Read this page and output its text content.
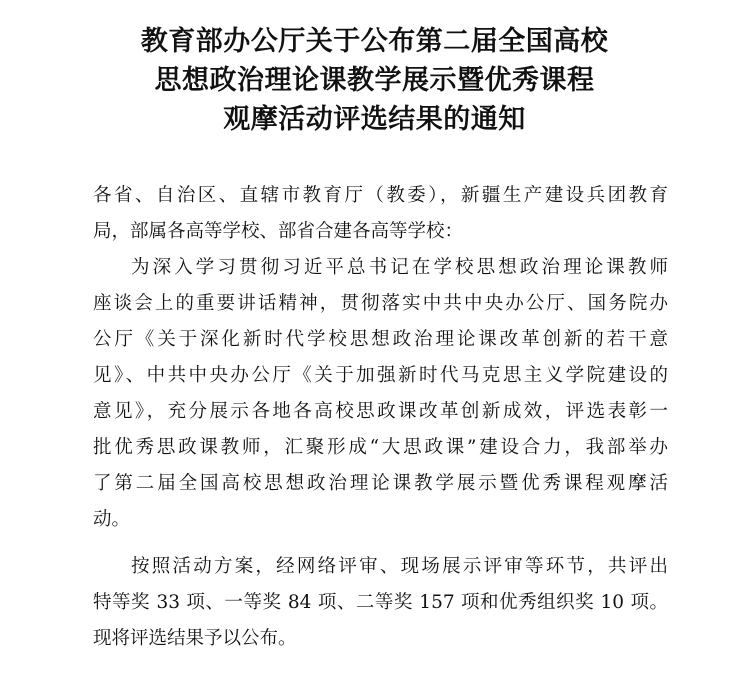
教育部办公厅关于公布第二届全国高校
思想政治理论课教学展示暨优秀课程
观摩活动评选结果的通知
各省、自治区、直辖市教育厅（教委），新疆生产建设兵团教育
局，部属各高等学校、部省合建各高等学校：
为深入学习贯彻习近平总书记在学校思想政治理论课教师
座谈会上的重要讲话精神，贯彻落实中共中央办公厅、国务院办
公厅《关于深化新时代学校思想政治理论课改革创新的若干意
见》、中共中央办公厅《关于加强新时代马克思主义学院建设的
意见》，充分展示各地各高校思政课改革创新成效，评选表彰一
批优秀思政课教师，汇聚形成“大思政课”建设合力，我部举办
了第二届全国高校思想政治理论课教学展示暨优秀课程观摩活
动。
按照活动方案，经网络评审、现场展示评审等环节，共评出
特等奖 33 项、一等奖 84 项、二等奖 157 项和优秀组织奖 10 项。
现将评选结果予以公布。
